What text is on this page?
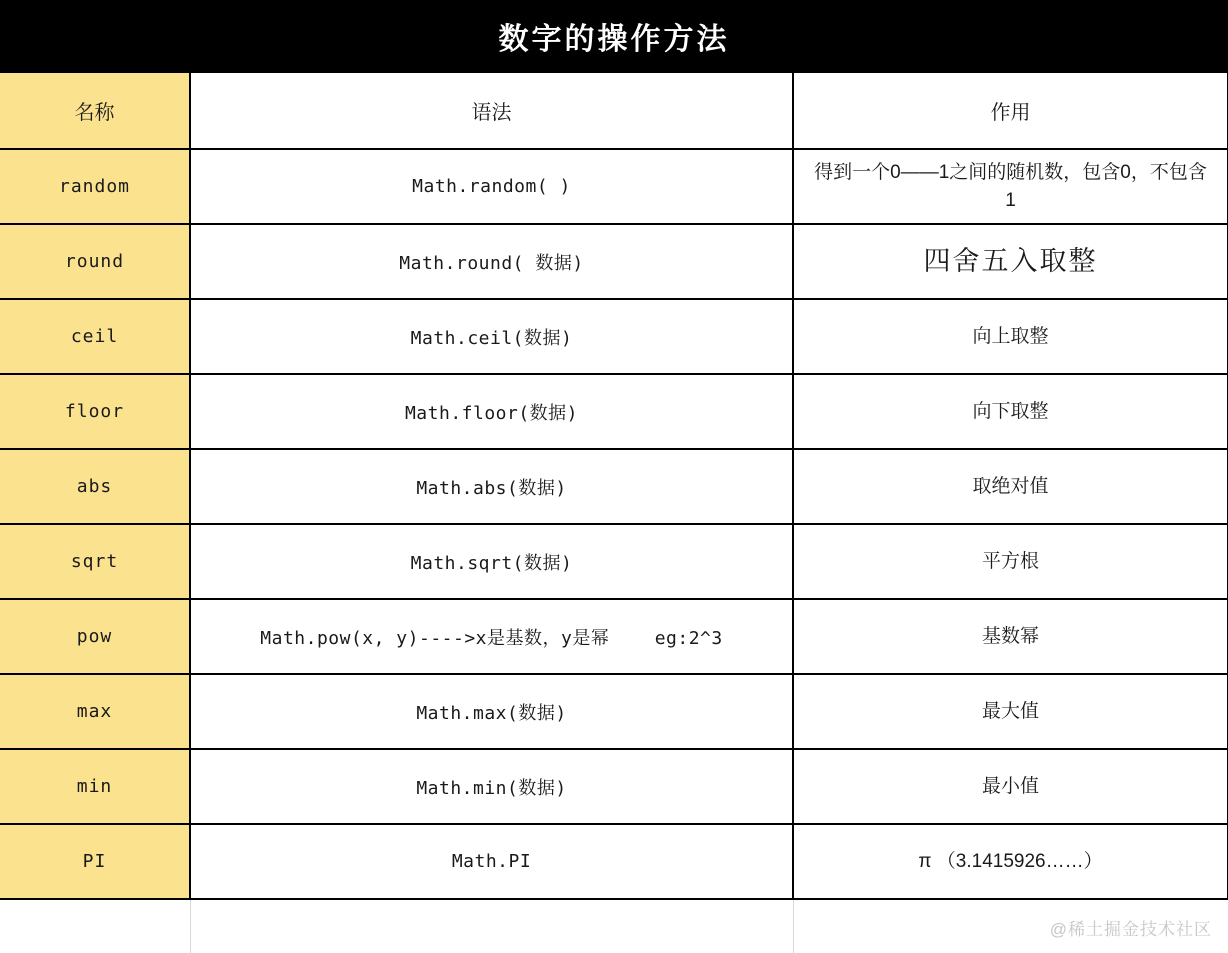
数字的操作方法
名称	语法	作用
random	Math.random( )	得到一个0——1之间的随机数，包含0，不包含1
round	Math.round( 数据)	四舍五入取整
ceil	Math.ceil(数据)	向上取整
floor	Math.floor(数据)	向下取整
abs	Math.abs(数据)	取绝对值
sqrt	Math.sqrt(数据)	平方根
pow	Math.pow(x, y)---->x是基数，y是幂    eg:2^3	基数幂
max	Math.max(数据)	最大值
min	Math.min(数据)	最小值
PI	Math.PI	π （3.1415926……）
		@稀土掘金技术社区
